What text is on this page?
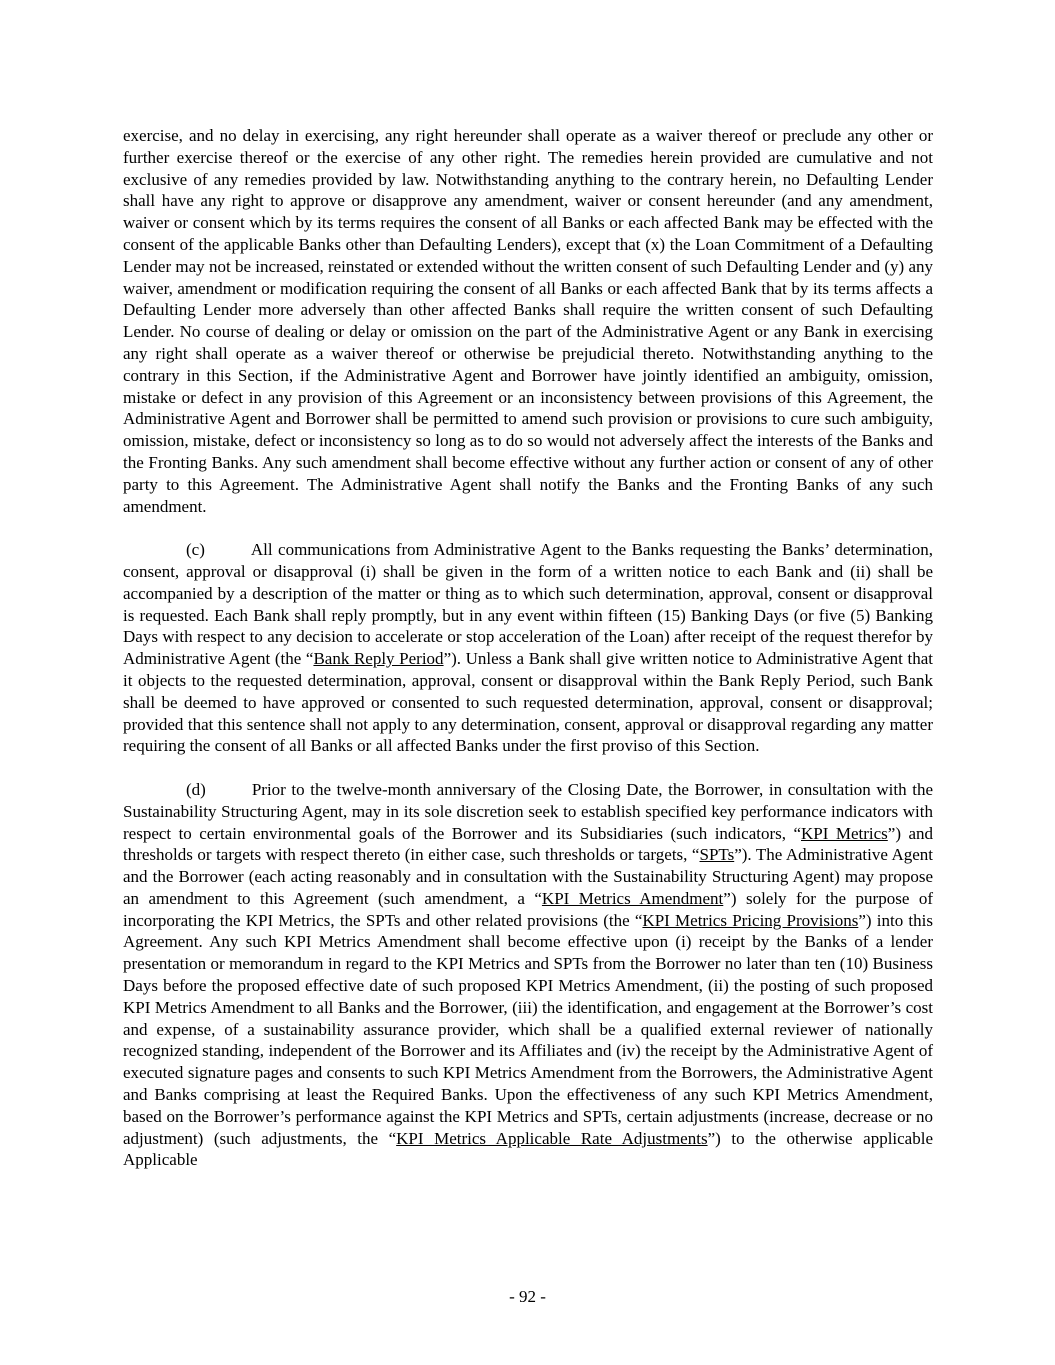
exercise, and no delay in exercising, any right hereunder shall operate as a waiver thereof or preclude any other or further exercise thereof or the exercise of any other right. The remedies herein provided are cumulative and not exclusive of any remedies provided by law. Notwithstanding anything to the contrary herein, no Defaulting Lender shall have any right to approve or disapprove any amendment, waiver or consent hereunder (and any amendment, waiver or consent which by its terms requires the consent of all Banks or each affected Bank may be effected with the consent of the applicable Banks other than Defaulting Lenders), except that (x) the Loan Commitment of a Defaulting Lender may not be increased, reinstated or extended without the written consent of such Defaulting Lender and (y) any waiver, amendment or modification requiring the consent of all Banks or each affected Bank that by its terms affects a Defaulting Lender more adversely than other affected Banks shall require the written consent of such Defaulting Lender. No course of dealing or delay or omission on the part of the Administrative Agent or any Bank in exercising any right shall operate as a waiver thereof or otherwise be prejudicial thereto. Notwithstanding anything to the contrary in this Section, if the Administrative Agent and Borrower have jointly identified an ambiguity, omission, mistake or defect in any provision of this Agreement or an inconsistency between provisions of this Agreement, the Administrative Agent and Borrower shall be permitted to amend such provision or provisions to cure such ambiguity, omission, mistake, defect or inconsistency so long as to do so would not adversely affect the interests of the Banks and the Fronting Banks. Any such amendment shall become effective without any further action or consent of any of other party to this Agreement. The Administrative Agent shall notify the Banks and the Fronting Banks of any such amendment.

(c)	All communications from Administrative Agent to the Banks requesting the Banks’ determination, consent, approval or disapproval (i) shall be given in the form of a written notice to each Bank and (ii) shall be accompanied by a description of the matter or thing as to which such determination, approval, consent or disapproval is requested. Each Bank shall reply promptly, but in any event within fifteen (15) Banking Days (or five (5) Banking Days with respect to any decision to accelerate or stop acceleration of the Loan) after receipt of the request therefor by Administrative Agent (the “Bank Reply Period”). Unless a Bank shall give written notice to Administrative Agent that it objects to the requested determination, approval, consent or disapproval within the Bank Reply Period, such Bank shall be deemed to have approved or consented to such requested determination, approval, consent or disapproval; provided that this sentence shall not apply to any determination, consent, approval or disapproval regarding any matter requiring the consent of all Banks or all affected Banks under the first proviso of this Section.

(d)	Prior to the twelve-month anniversary of the Closing Date, the Borrower, in consultation with the Sustainability Structuring Agent, may in its sole discretion seek to establish specified key performance indicators with respect to certain environmental goals of the Borrower and its Subsidiaries (such indicators, “KPI Metrics”) and thresholds or targets with respect thereto (in either case, such thresholds or targets, “SPTs”). The Administrative Agent and the Borrower (each acting reasonably and in consultation with the Sustainability Structuring Agent) may propose an amendment to this Agreement (such amendment, a “KPI Metrics Amendment”) solely for the purpose of incorporating the KPI Metrics, the SPTs and other related provisions (the “KPI Metrics Pricing Provisions”) into this Agreement. Any such KPI Metrics Amendment shall become effective upon (i) receipt by the Banks of a lender presentation or memorandum in regard to the KPI Metrics and SPTs from the Borrower no later than ten (10) Business Days before the proposed effective date of such proposed KPI Metrics Amendment, (ii) the posting of such proposed KPI Metrics Amendment to all Banks and the Borrower, (iii) the identification, and engagement at the Borrower’s cost and expense, of a sustainability assurance provider, which shall be a qualified external reviewer of nationally recognized standing, independent of the Borrower and its Affiliates and (iv) the receipt by the Administrative Agent of executed signature pages and consents to such KPI Metrics Amendment from the Borrowers, the Administrative Agent and Banks comprising at least the Required Banks. Upon the effectiveness of any such KPI Metrics Amendment, based on the Borrower’s performance against the KPI Metrics and SPTs, certain adjustments (increase, decrease or no adjustment) (such adjustments, the “KPI Metrics Applicable Rate Adjustments”) to the otherwise applicable Applicable

- 92 -
